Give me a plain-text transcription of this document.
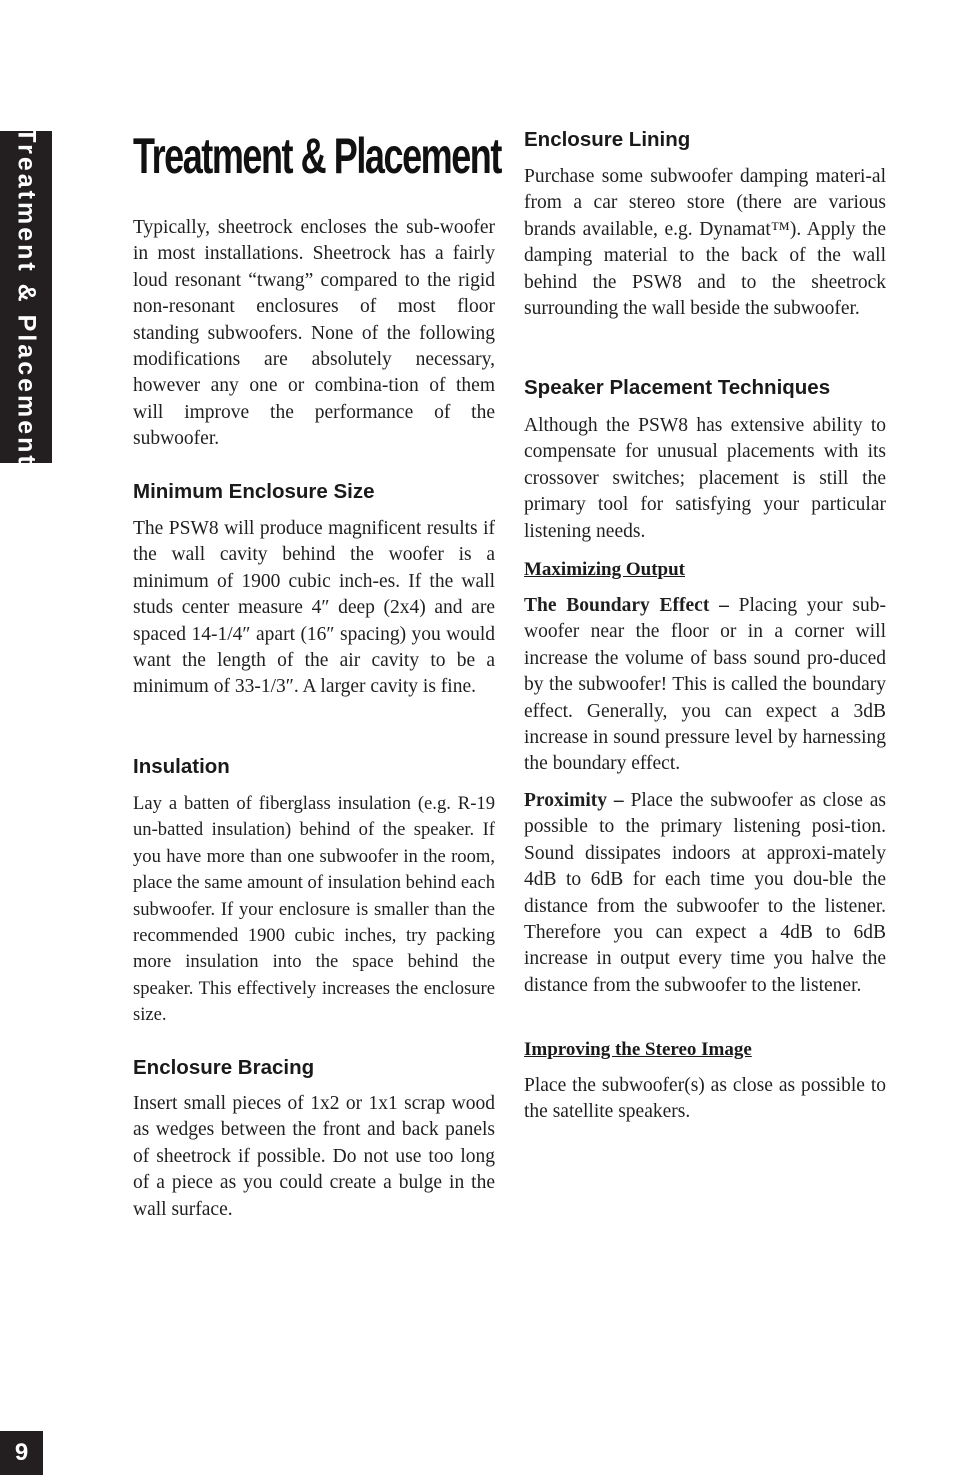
Treatment & Placement
9
Treatment & Placement

Typically, sheetrock encloses the sub-woofer in most installations. Sheetrock has a fairly loud resonant “twang” compared to the rigid non-resonant enclosures of most floor standing subwoofers. None of the following modifications are absolutely necessary, however any one or combina-tion of them will improve the performance of the subwoofer.

Minimum Enclosure Size

The PSW8 will produce magnificent results if the wall cavity behind the woofer is a minimum of 1900 cubic inch-es. If the wall studs center measure 4″ deep (2x4) and are spaced 14-1/4″ apart (16″ spacing) you would want the length of the air cavity to be a minimum of 33-1/3″. A larger cavity is fine.

Insulation

Lay a batten of fiberglass insulation (e.g. R-19 un-batted insulation) behind of the speaker. If you have more than one subwoofer in the room, place the same amount of insulation behind each subwoofer. If your enclosure is smaller than the recommended 1900 cubic inches, try packing more insulation into the space behind the speaker. This effectively increases the enclosure size.

Enclosure Bracing

Insert small pieces of 1x2 or 1x1 scrap wood as wedges between the front and back panels of sheetrock if possible. Do not use too long of a piece as you could create a bulge in the wall surface.

Enclosure Lining

Purchase some subwoofer damping materi-al from a car stereo store (there are various brands available, e.g. Dynamat™). Apply the damping material to the back of the wall behind the PSW8 and to the sheetrock surrounding the wall beside the subwoofer.

Speaker Placement Techniques

Although the PSW8 has extensive ability to compensate for unusual placements with its crossover switches; placement is still the primary tool for satisfying your particular listening needs.

Maximizing Output

The Boundary Effect – Placing your sub-woofer near the floor or in a corner will increase the volume of bass sound pro-duced by the subwoofer! This is called the boundary effect. Generally, you can expect a 3dB increase in sound pressure level by harnessing the boundary effect.

Proximity – Place the subwoofer as close as possible to the primary listening posi-tion. Sound dissipates indoors at approxi-mately 4dB to 6dB for each time you dou-ble the distance from the subwoofer to the listener. Therefore you can expect a 4dB to 6dB increase in output every time you halve the distance from the subwoofer to the listener.

Improving the Stereo Image

Place the subwoofer(s) as close as possible to the satellite speakers.
